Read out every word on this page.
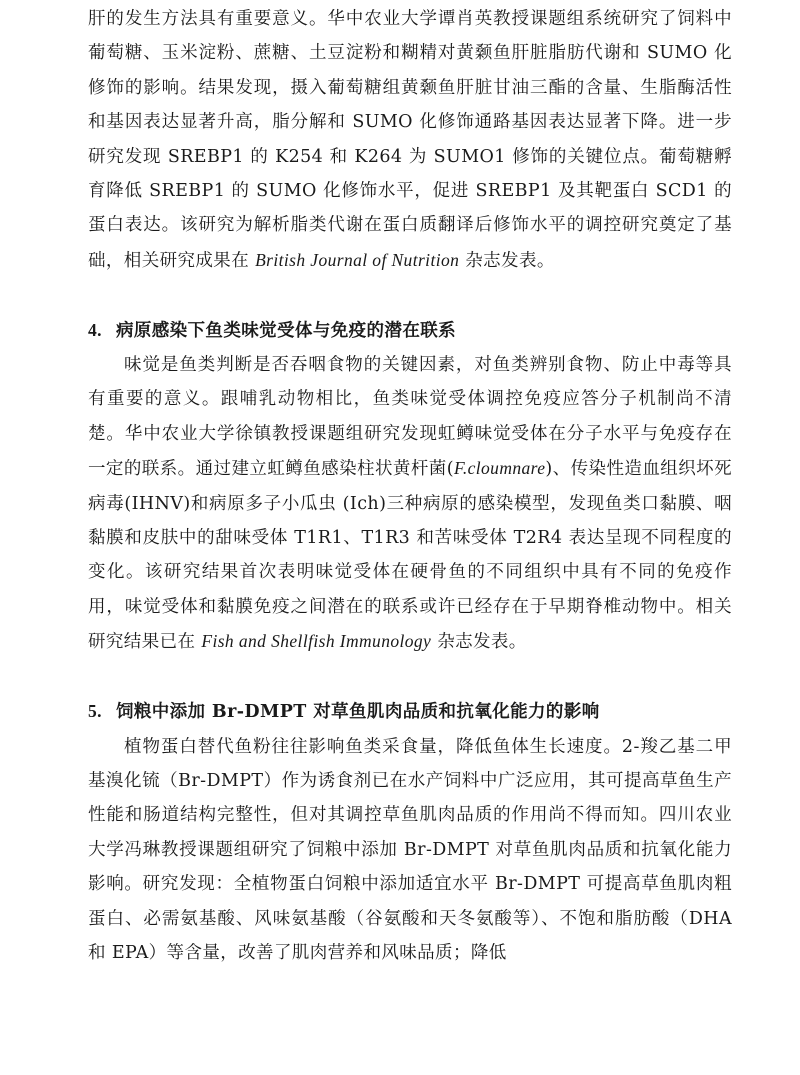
肝的发生方法具有重要意义。华中农业大学谭肖英教授课题组系统研究了饲料中葡萄糖、玉米淀粉、蔗糖、土豆淀粉和糊精对黄颡鱼肝脏脂肪代谢和 SUMO 化修饰的影响。结果发现，摄入葡萄糖组黄颡鱼肝脏甘油三酯的含量、生脂酶活性和基因表达显著升高，脂分解和 SUMO 化修饰通路基因表达显著下降。进一步研究发现 SREBP1 的 K254 和 K264 为 SUMO1 修饰的关键位点。葡萄糖孵育降低 SREBP1 的 SUMO 化修饰水平，促进 SREBP1 及其靶蛋白 SCD1 的蛋白表达。该研究为解析脂类代谢在蛋白质翻译后修饰水平的调控研究奠定了基础，相关研究成果在 British Journal of Nutrition 杂志发表。

4. 病原感染下鱼类味觉受体与免疫的潜在联系

味觉是鱼类判断是否吞咽食物的关键因素，对鱼类辨别食物、防止中毒等具有重要的意义。跟哺乳动物相比，鱼类味觉受体调控免疫应答分子机制尚不清楚。华中农业大学徐镇教授课题组研究发现虹鳟味觉受体在分子水平与免疫存在一定的联系。通过建立虹鳟鱼感染柱状黄杆菌(F.cloumnare)、传染性造血组织坏死病毒(IHNV)和病原多子小瓜虫 (Ich)三种病原的感染模型，发现鱼类口黏膜、咽黏膜和皮肤中的甜味受体 T1R1、T1R3 和苦味受体 T2R4 表达呈现不同程度的变化。该研究结果首次表明味觉受体在硬骨鱼的不同组织中具有不同的免疫作用，味觉受体和黏膜免疫之间潜在的联系或许已经存在于早期脊椎动物中。相关研究结果已在 Fish and Shellfish Immunology 杂志发表。

5. 饲粮中添加 Br-DMPT 对草鱼肌肉品质和抗氧化能力的影响

植物蛋白替代鱼粉往往影响鱼类采食量，降低鱼体生长速度。2-羧乙基二甲基溴化锍（Br-DMPT）作为诱食剂已在水产饲料中广泛应用，其可提高草鱼生产性能和肠道结构完整性，但对其调控草鱼肌肉品质的作用尚不得而知。四川农业大学冯琳教授课题组研究了饲粮中添加 Br-DMPT 对草鱼肌肉品质和抗氧化能力影响。研究发现：全植物蛋白饲粮中添加适宜水平 Br-DMPT 可提高草鱼肌肉粗蛋白、必需氨基酸、风味氨基酸（谷氨酸和天冬氨酸等）、不饱和脂肪酸（DHA 和 EPA）等含量，改善了肌肉营养和风味品质；降低
